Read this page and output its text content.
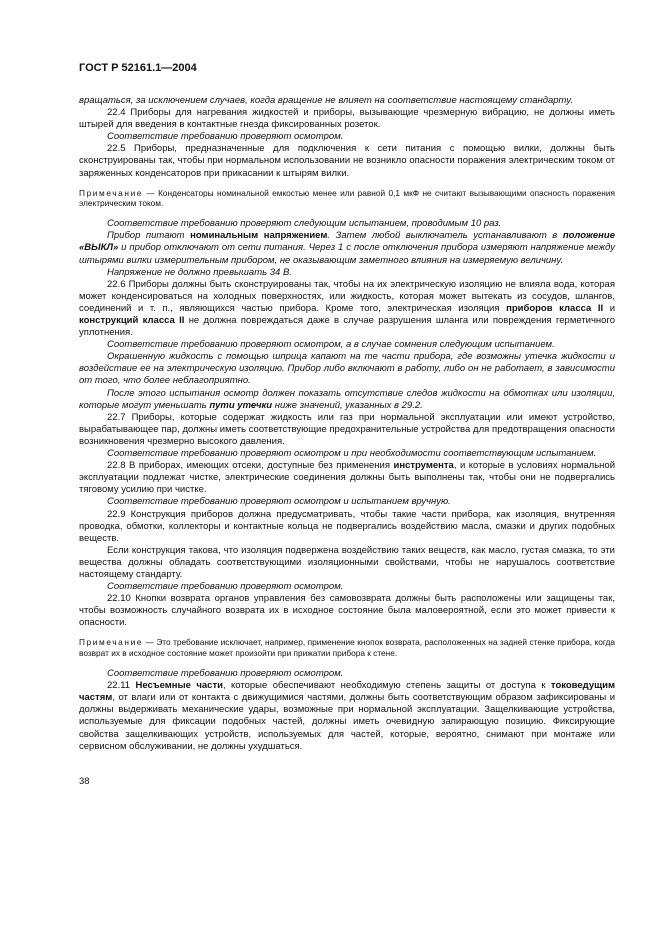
ГОСТ Р 52161.1—2004

вращаться, за исключением случаев, когда вращение не влияет на соответствие настоящему стандарту.

22.4 Приборы для нагревания жидкостей и приборы, вызывающие чрезмерную вибрацию, не должны иметь штырей для введения в контактные гнезда фиксированных розеток.

Соответствие требованию проверяют осмотром.

22.5 Приборы, предназначенные для подключения к сети питания с помощью вилки, должны быть сконструированы так, чтобы при нормальном использовании не возникло опасности поражения электрическим током от заряженных конденсаторов при прикасании к штырям вилки.

Примечание — Конденсаторы номинальной емкостью менее или равной 0,1 мкФ не считают вызывающими опасность поражения электрическим током.

Соответствие требованию проверяют следующим испытанием, проводимым 10 раз.

Прибор питают номинальным напряжением. Затем любой выключатель устанавливают в положение «ВЫКЛ» и прибор отключают от сети питания. Через 1 с после отключения прибора измеряют напряжение между штырями вилки измерительным прибором, не оказывающим заметного влияния на измеряемую величину.

Напряжение не должно превышать 34 В.

22.6 Приборы должны быть сконструированы так, чтобы на их электрическую изоляцию не влияла вода, которая может конденсироваться на холодных поверхностях, или жидкость, которая может вытекать из сосудов, шлангов, соединений и т. п., являющихся частью прибора. Кроме того, электрическая изоляция приборов класса II и конструкций класса II не должна повреждаться даже в случае разрушения шланга или повреждения герметичного уплотнения.

Соответствие требованию проверяют осмотром, а в случае сомнения следующим испытанием.

Окрашенную жидкость с помощью шприца капают на те части прибора, где возможны утечка жидкости и воздействие ее на электрическую изоляцию. Прибор либо включают в работу, либо он не работает, в зависимости от того, что более неблагоприятно.

После этого испытания осмотр должен показать отсутствие следов жидкости на обмотках или изоляции, которые могут уменьшать пути утечки ниже значений, указанных в 29.2.

22.7 Приборы, которые содержат жидкость или газ при нормальной эксплуатации или имеют устройство, вырабатывающее пар, должны иметь соответствующие предохранительные устройства для предотвращения опасности возникновения чрезмерно высокого давления.

Соответствие требованию проверяют осмотром и при необходимости соответствующим испытанием.

22.8 В приборах, имеющих отсеки, доступные без применения инструмента, и которые в условиях нормальной эксплуатации подлежат чистке, электрические соединения должны быть выполнены так, чтобы они не подвергались тяговому усилию при чистке.

Соответствие требованию проверяют осмотром и испытанием вручную.

22.9 Конструкция приборов должна предусматривать, чтобы такие части прибора, как изоляция, внутренняя проводка, обмотки, коллекторы и контактные кольца не подвергались воздействию масла, смазки и других подобных веществ.

Если конструкция такова, что изоляция подвержена воздействию таких веществ, как масло, густая смазка, то эти вещества должны обладать соответствующими изоляционными свойствами, чтобы не нарушалось соответствие настоящему стандарту.

Соответствие требованию проверяют осмотром.

22.10 Кнопки возврата органов управления без самовозврата должны быть расположены или защищены так, чтобы возможность случайного возврата их в исходное состояние была маловероятной, если это может привести к опасности.

Примечание — Это требование исключает, например, применение кнопок возврата, расположенных на задней стенке прибора, когда возврат их в исходное состояние может произойти при прижатии прибора к стене.

Соответствие требованию проверяют осмотром.

22.11 Несъемные части, которые обеспечивают необходимую степень защиты от доступа к токоведущим частям, от влаги или от контакта с движущимися частями, должны быть соответствующим образом зафиксированы и должны выдерживать механические удары, возможные при нормальной эксплуатации. Защелкивающие устройства, используемые для фиксации подобных частей, должны иметь очевидную запирающую позицию. Фиксирующие свойства защелкивающих устройств, используемых для частей, которые, вероятно, снимают при монтаже или сервисном обслуживании, не должны ухудшаться.

38
